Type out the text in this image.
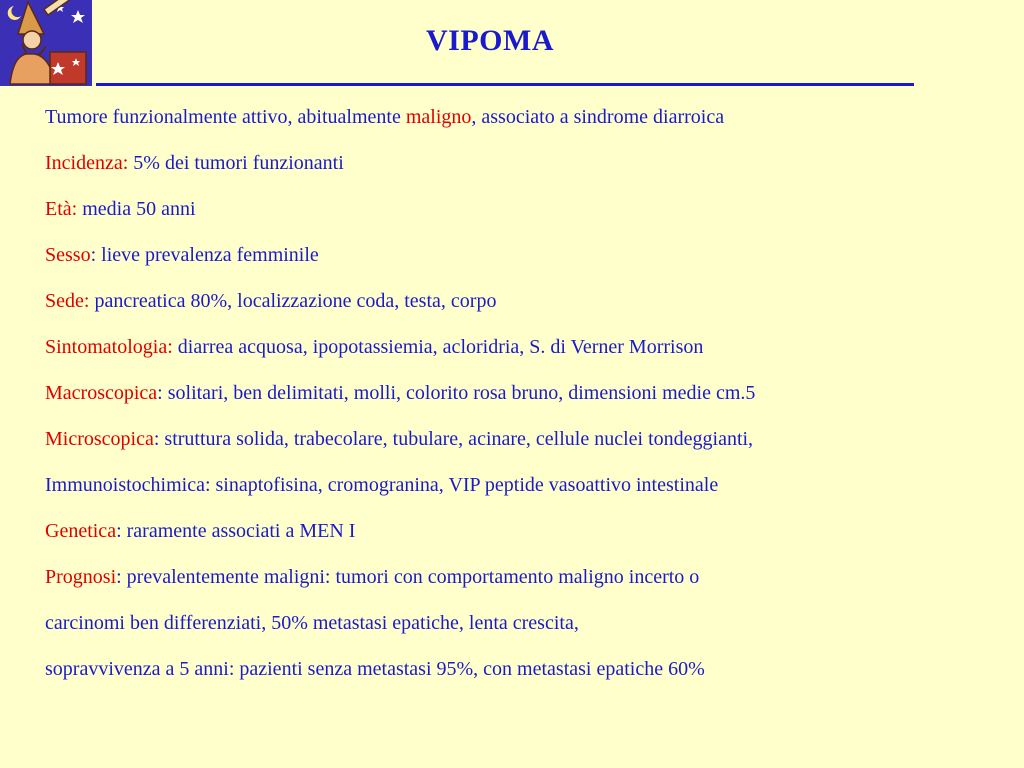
VIPOMA
Tumore funzionalmente attivo, abitualmente maligno, associato a sindrome diarroica
Incidenza: 5% dei tumori funzionanti
Età: media 50 anni
Sesso: lieve prevalenza femminile
Sede: pancreatica 80%, localizzazione coda, testa, corpo
Sintomatologia: diarrea acquosa, ipopotassiemia, acloridria, S. di Verner Morrison
Macroscopica: solitari, ben delimitati, molli, colorito rosa bruno, dimensioni medie cm.5
Microscopica: struttura solida, trabecolare, tubulare, acinare, cellule nuclei tondeggianti,
Immunoistochimica: sinaptofisina, cromogranina, VIP peptide vasoattivo intestinale
Genetica: raramente associati a MEN I
Prognosi: prevalentemente maligni: tumori con comportamento maligno incerto o
carcinomi ben differenziati, 50% metastasi epatiche, lenta crescita,
sopravvivenza a 5 anni: pazienti senza metastasi 95%, con metastasi epatiche 60%
